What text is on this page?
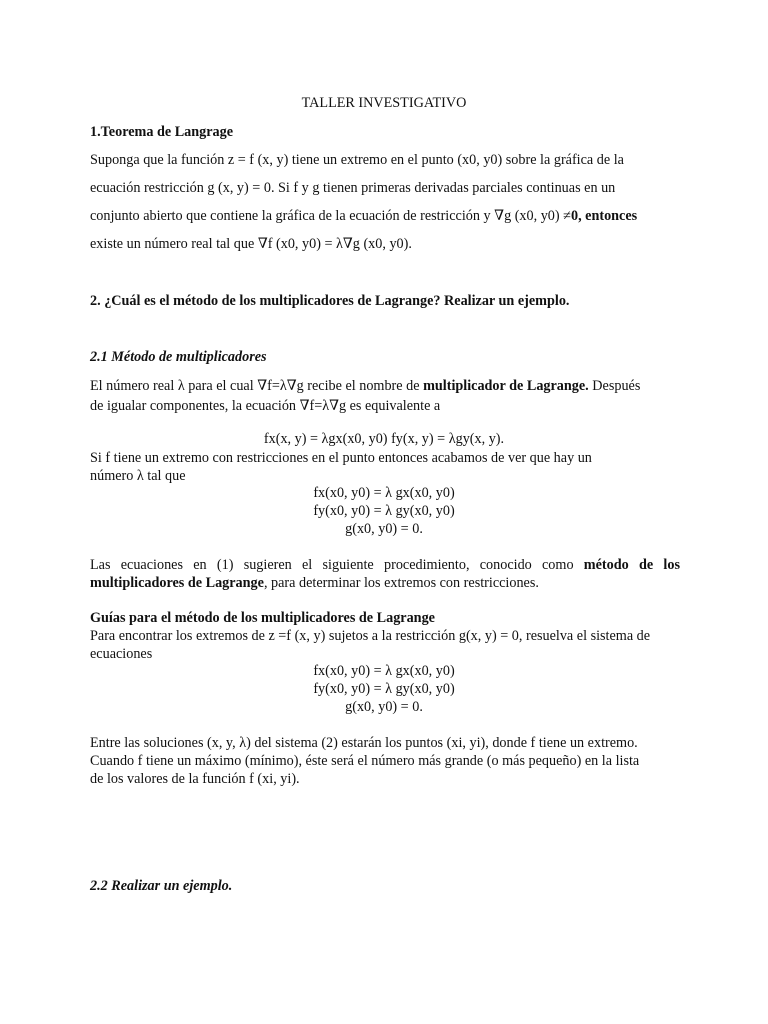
TALLER INVESTIGATIVO
1.Teorema de Langrage
Suponga que la función z = f (x, y) tiene un extremo en el punto (x0, y0) sobre la gráfica de la
ecuación restricción g (x, y) = 0. Si f y g tienen primeras derivadas parciales continuas en un
conjunto abierto que contiene la gráfica de la ecuación de restricción y ∇g (x0, y0) ≠0, entonces
existe un número real tal que ∇f (x0, y0) = λ∇g (x0, y0).
2. ¿Cuál es el método de los multiplicadores de Lagrange? Realizar un ejemplo.
2.1 Método de multiplicadores
El número real λ para el cual ∇f=λ∇g recibe el nombre de multiplicador de Lagrange. Después
de igualar componentes, la ecuación ∇f=λ∇g es equivalente a
fx(x, y) = λgx(x0, y0) fy(x, y) = λgy(x, y).
Si f tiene un extremo con restricciones en el punto entonces acabamos de ver que hay un
número λ tal que
fx(x0, y0) = λ gx(x0, y0)
fy(x0, y0) = λ gy(x0, y0)
g(x0, y0) = 0.
Las ecuaciones en (1) sugieren el siguiente procedimiento, conocido como método de los
multiplicadores de Lagrange, para determinar los extremos con restricciones.
Guías para el método de los multiplicadores de Lagrange
Para encontrar los extremos de z =f (x, y) sujetos a la restricción g(x, y) = 0, resuelva el sistema de
ecuaciones
fx(x0, y0) = λ gx(x0, y0)
fy(x0, y0) = λ gy(x0, y0)
g(x0, y0) = 0.
Entre las soluciones (x, y, λ) del sistema (2) estarán los puntos (xi, yi), donde f tiene un extremo.
Cuando f tiene un máximo (mínimo), éste será el número más grande (o más pequeño) en la lista
de los valores de la función f (xi, yi).
2.2 Realizar un ejemplo.
